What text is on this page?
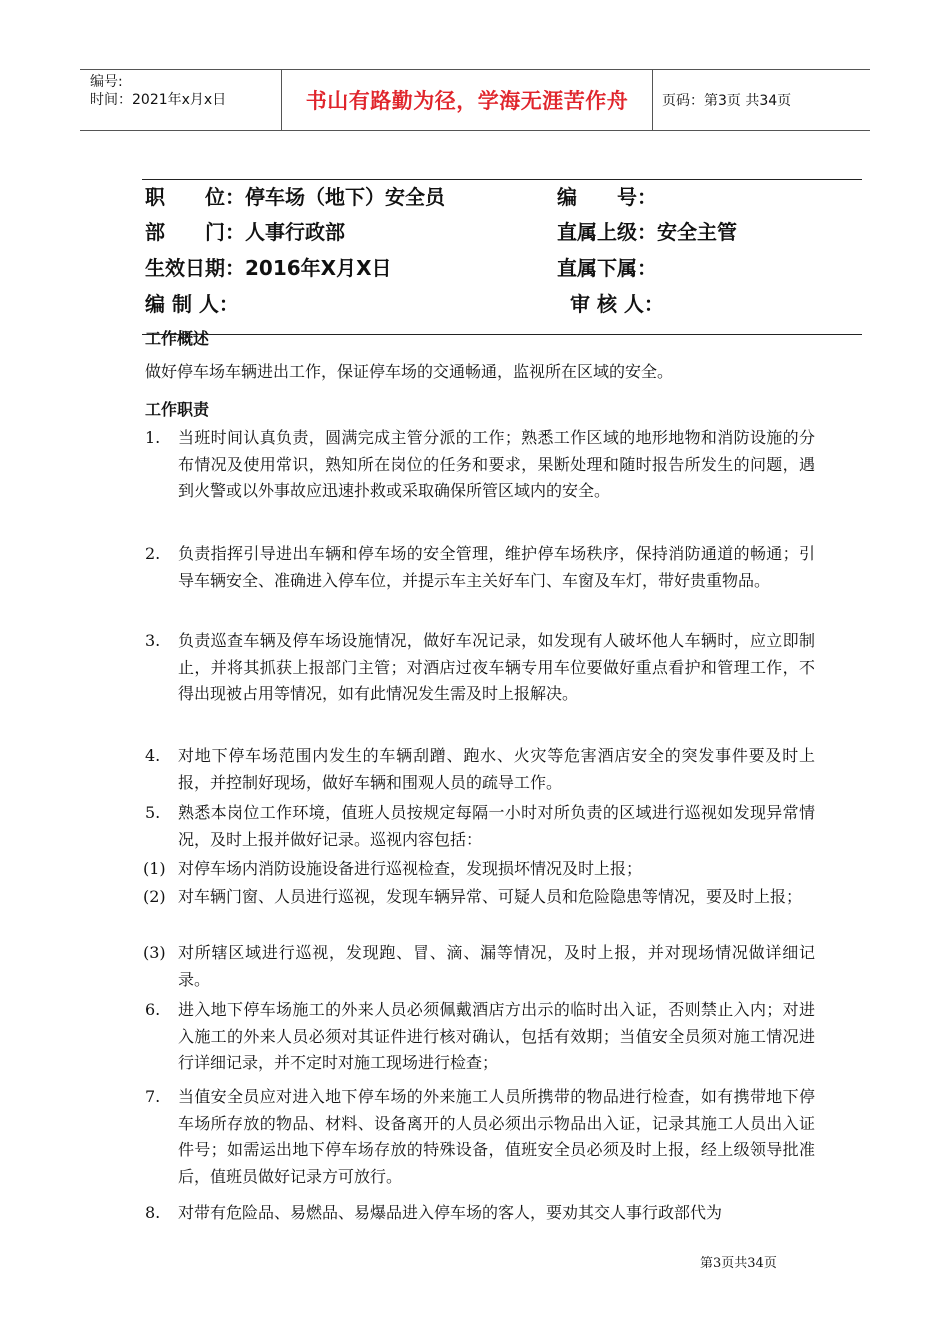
编号:
时间：2021年x月x日	书山有路勤为径，学海无涯苦作舟 页码：第3页 共34页
职　　位：停车场（地下）安全员	编　　号：
部　　门：人事行政部	直属上级：安全主管
生效日期：2016年X月X日	直属下属：
编 制 人：	审 核 人：
工作概述
做好停车场车辆进出工作，保证停车场的交通畅通，监视所在区域的安全。
工作职责
1.	当班时间认真负责，圆满完成主管分派的工作；熟悉工作区域的地形地物和消防设施的分布情况及使用常识，熟知所在岗位的任务和要求，果断处理和随时报告所发生的问题，遇到火警或以外事故应迅速扑救或采取确保所管区域内的安全。
2.	负责指挥引导进出车辆和停车场的安全管理，维护停车场秩序，保持消防通道的畅通；引导车辆安全、准确进入停车位，并提示车主关好车门、车窗及车灯，带好贵重物品。
3.	负责巡查车辆及停车场设施情况，做好车况记录，如发现有人破坏他人车辆时，应立即制止，并将其抓获上报部门主管；对酒店过夜车辆专用车位要做好重点看护和管理工作，不得出现被占用等情况，如有此情况发生需及时上报解决。
4.	对地下停车场范围内发生的车辆刮蹭、跑水、火灾等危害酒店安全的突发事件要及时上报，并控制好现场，做好车辆和围观人员的疏导工作。
5.	熟悉本岗位工作环境，值班人员按规定每隔一小时对所负责的区域进行巡视如发现异常情况，及时上报并做好记录。巡视内容包括：
(1) 对停车场内消防设施设备进行巡视检查，发现损坏情况及时上报；
(2) 对车辆门窗、人员进行巡视，发现车辆异常、可疑人员和危险隐患等情况，要及时上报；
(3) 对所辖区域进行巡视，发现跑、冒、滴、漏等情况，及时上报，并对现场情况做详细记录。
6.	进入地下停车场施工的外来人员必须佩戴酒店方出示的临时出入证，否则禁止入内；对进入施工的外来人员必须对其证件进行核对确认，包括有效期；当值安全员须对施工情况进行详细记录，并不定时对施工现场进行检查；
7.	当值安全员应对进入地下停车场的外来施工人员所携带的物品进行检查，如有携带地下停车场所存放的物品、材料、设备离开的人员必须出示物品出入证，记录其施工人员出入证件号；如需运出地下停车场存放的特殊设备，值班安全员必须及时上报，经上级领导批准后，值班员做好记录方可放行。
8.	对带有危险品、易燃品、易爆品进入停车场的客人，要劝其交人事行政部代为
第3页共34页
